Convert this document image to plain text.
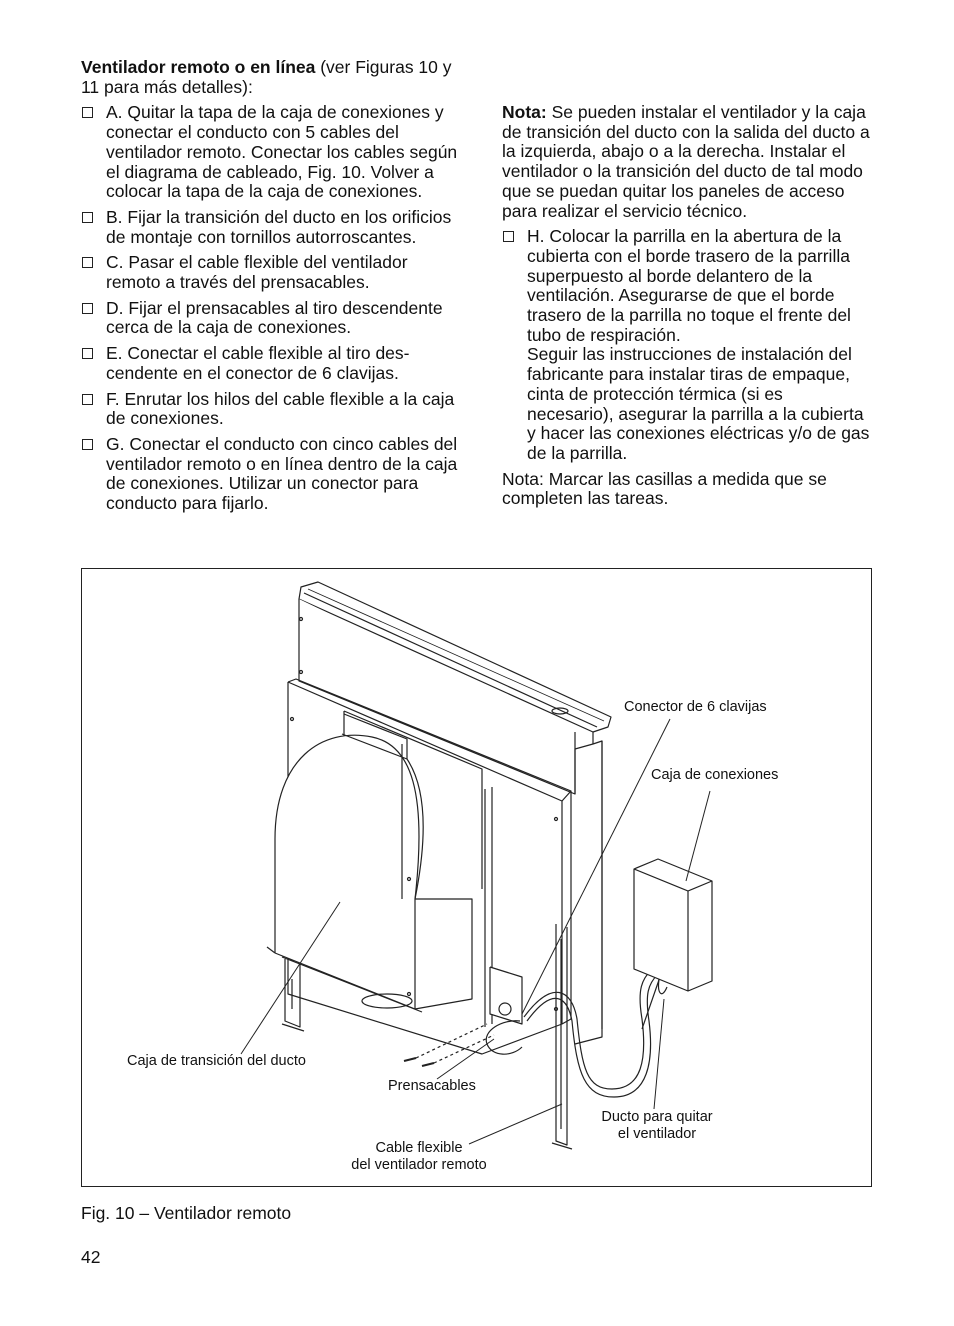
Ventilador remoto o en línea (ver Figuras 10 y 11 para más detalles):

A. Quitar la tapa de la caja de conexiones y conectar el conducto con 5 cables del ventilador remoto. Conectar los cables según el diagrama de cableado, Fig. 10. Volver a colocar la tapa de la caja de conexiones.
B. Fijar la transición del ducto en los orificios de montaje con tornillos autorroscantes.
C. Pasar el cable flexible del ventilador remoto a través del prensacables.
D. Fijar el prensacables al tiro descendente cerca de la caja de conexiones.
E. Conectar el cable flexible al tiro descendente en el conector de 6 clavijas.
F. Enrutar los hilos del cable flexible a la caja de conexiones.
G. Conectar el conducto con cinco cables del ventilador remoto o en línea dentro de la caja de conexiones. Utilizar un conector para conducto para fijarlo.

Nota: Se pueden instalar el ventilador y la caja de transición del ducto con la salida del ducto a la izquierda, abajo o a la derecha. Instalar el ventilador o la transición del ducto de tal modo que se puedan quitar los paneles de acceso para realizar el servicio técnico.

H. Colocar la parrilla en la abertura de la cubierta con el borde trasero de la parrilla superpuesto al borde delantero de la ventilación. Asegurarse de que el borde trasero de la parrilla no toque el frente del tubo de respiración.
Seguir las instrucciones de instalación del fabricante para instalar tiras de empaque, cinta de protección térmica (si es necesario), asegurar la parrilla a la cubierta y hacer las conexiones eléctricas y/o de gas de la parrilla.

Nota: Marcar las casillas a medida que se completen las tareas.

Conector de 6 clavijas
Caja de conexiones
Caja de transición del ducto
Prensacables
Ducto para quitar
el ventilador
Cable flexible
del ventilador remoto
Fig. 10 – Ventilador remoto
42
